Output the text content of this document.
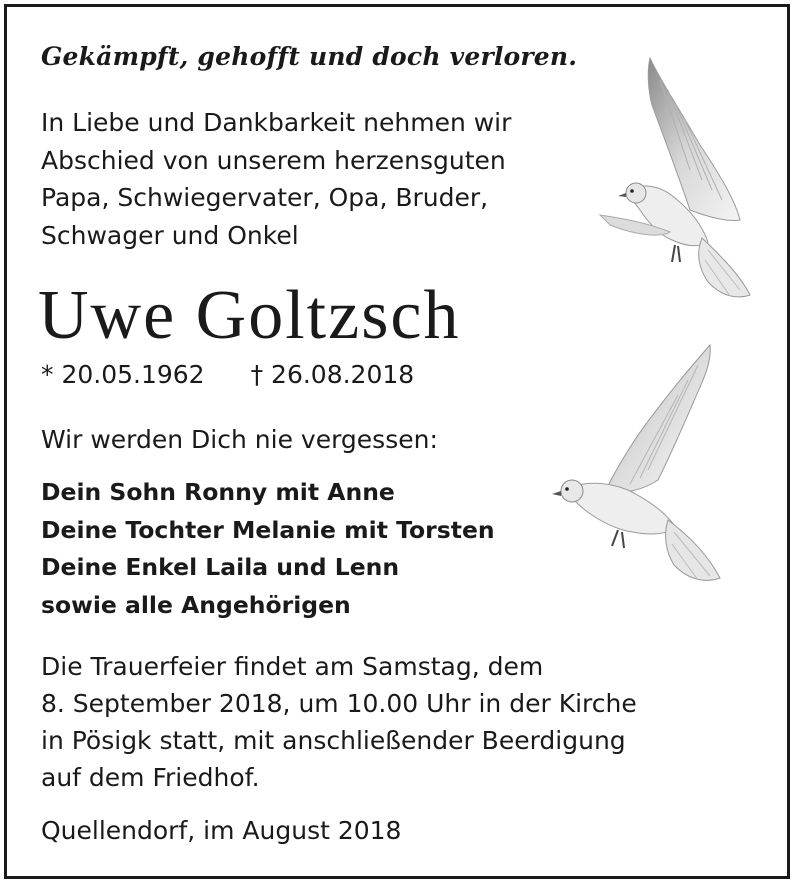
Gekämpft, gehofft und doch verloren.
In Liebe und Dankbarkeit nehmen wir
Abschied von unserem herzensguten
Papa, Schwiegervater, Opa, Bruder,
Schwager und Onkel
Uwe Goltzsch
* 20.05.1962 † 26.08.2018
Wir werden Dich nie vergessen:
Dein Sohn Ronny mit Anne
Deine Tochter Melanie mit Torsten
Deine Enkel Laila und Lenn
sowie alle Angehörigen
Die Trauerfeier findet am Samstag, dem
8. September 2018, um 10.00 Uhr in der Kirche
in Pösigk statt, mit anschließender Beerdigung
auf dem Friedhof.
Quellendorf, im August 2018
